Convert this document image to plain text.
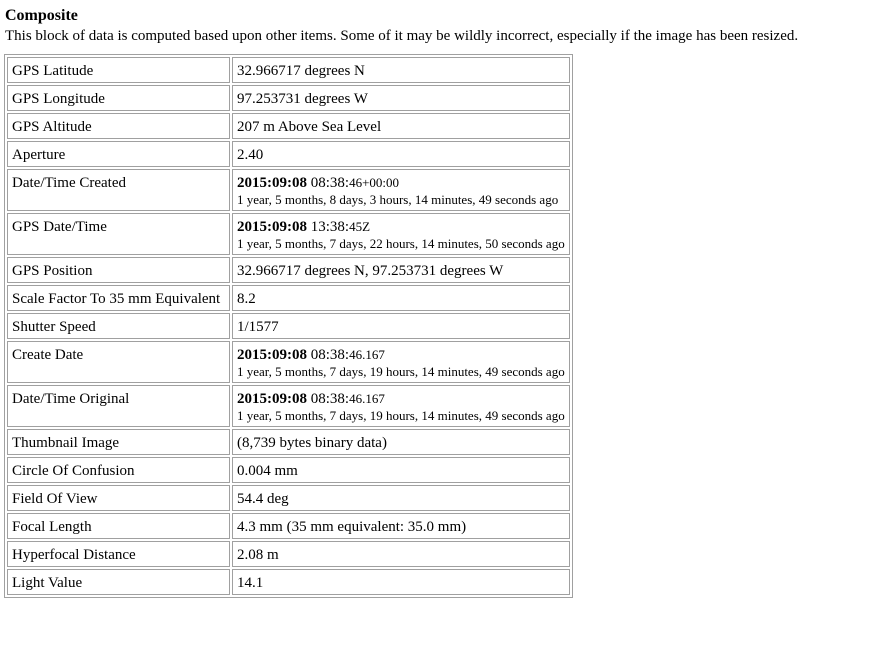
Composite
This block of data is computed based upon other items. Some of it may be wildly incorrect, especially if the image has been resized.
GPS Latitude	32.966717 degrees N
GPS Longitude	97.253731 degrees W
GPS Altitude	207 m Above Sea Level
Aperture	2.40
Date/Time Created	2015:09:08 08:38:46+00:00
1 year, 5 months, 8 days, 3 hours, 14 minutes, 49 seconds ago

GPS Date/Time	2015:09:08 13:38:45Z
1 year, 5 months, 7 days, 22 hours, 14 minutes, 50 seconds ago

GPS Position	32.966717 degrees N, 97.253731 degrees W
Scale Factor To 35 mm Equivalent	8.2
Shutter Speed	1/1577
Create Date	2015:09:08 08:38:46.167
1 year, 5 months, 7 days, 19 hours, 14 minutes, 49 seconds ago

Date/Time Original	2015:09:08 08:38:46.167
1 year, 5 months, 7 days, 19 hours, 14 minutes, 49 seconds ago

Thumbnail Image	(8,739 bytes binary data)
Circle Of Confusion	0.004 mm
Field Of View	54.4 deg
Focal Length	4.3 mm (35 mm equivalent: 35.0 mm)
Hyperfocal Distance	2.08 m
Light Value	14.1
